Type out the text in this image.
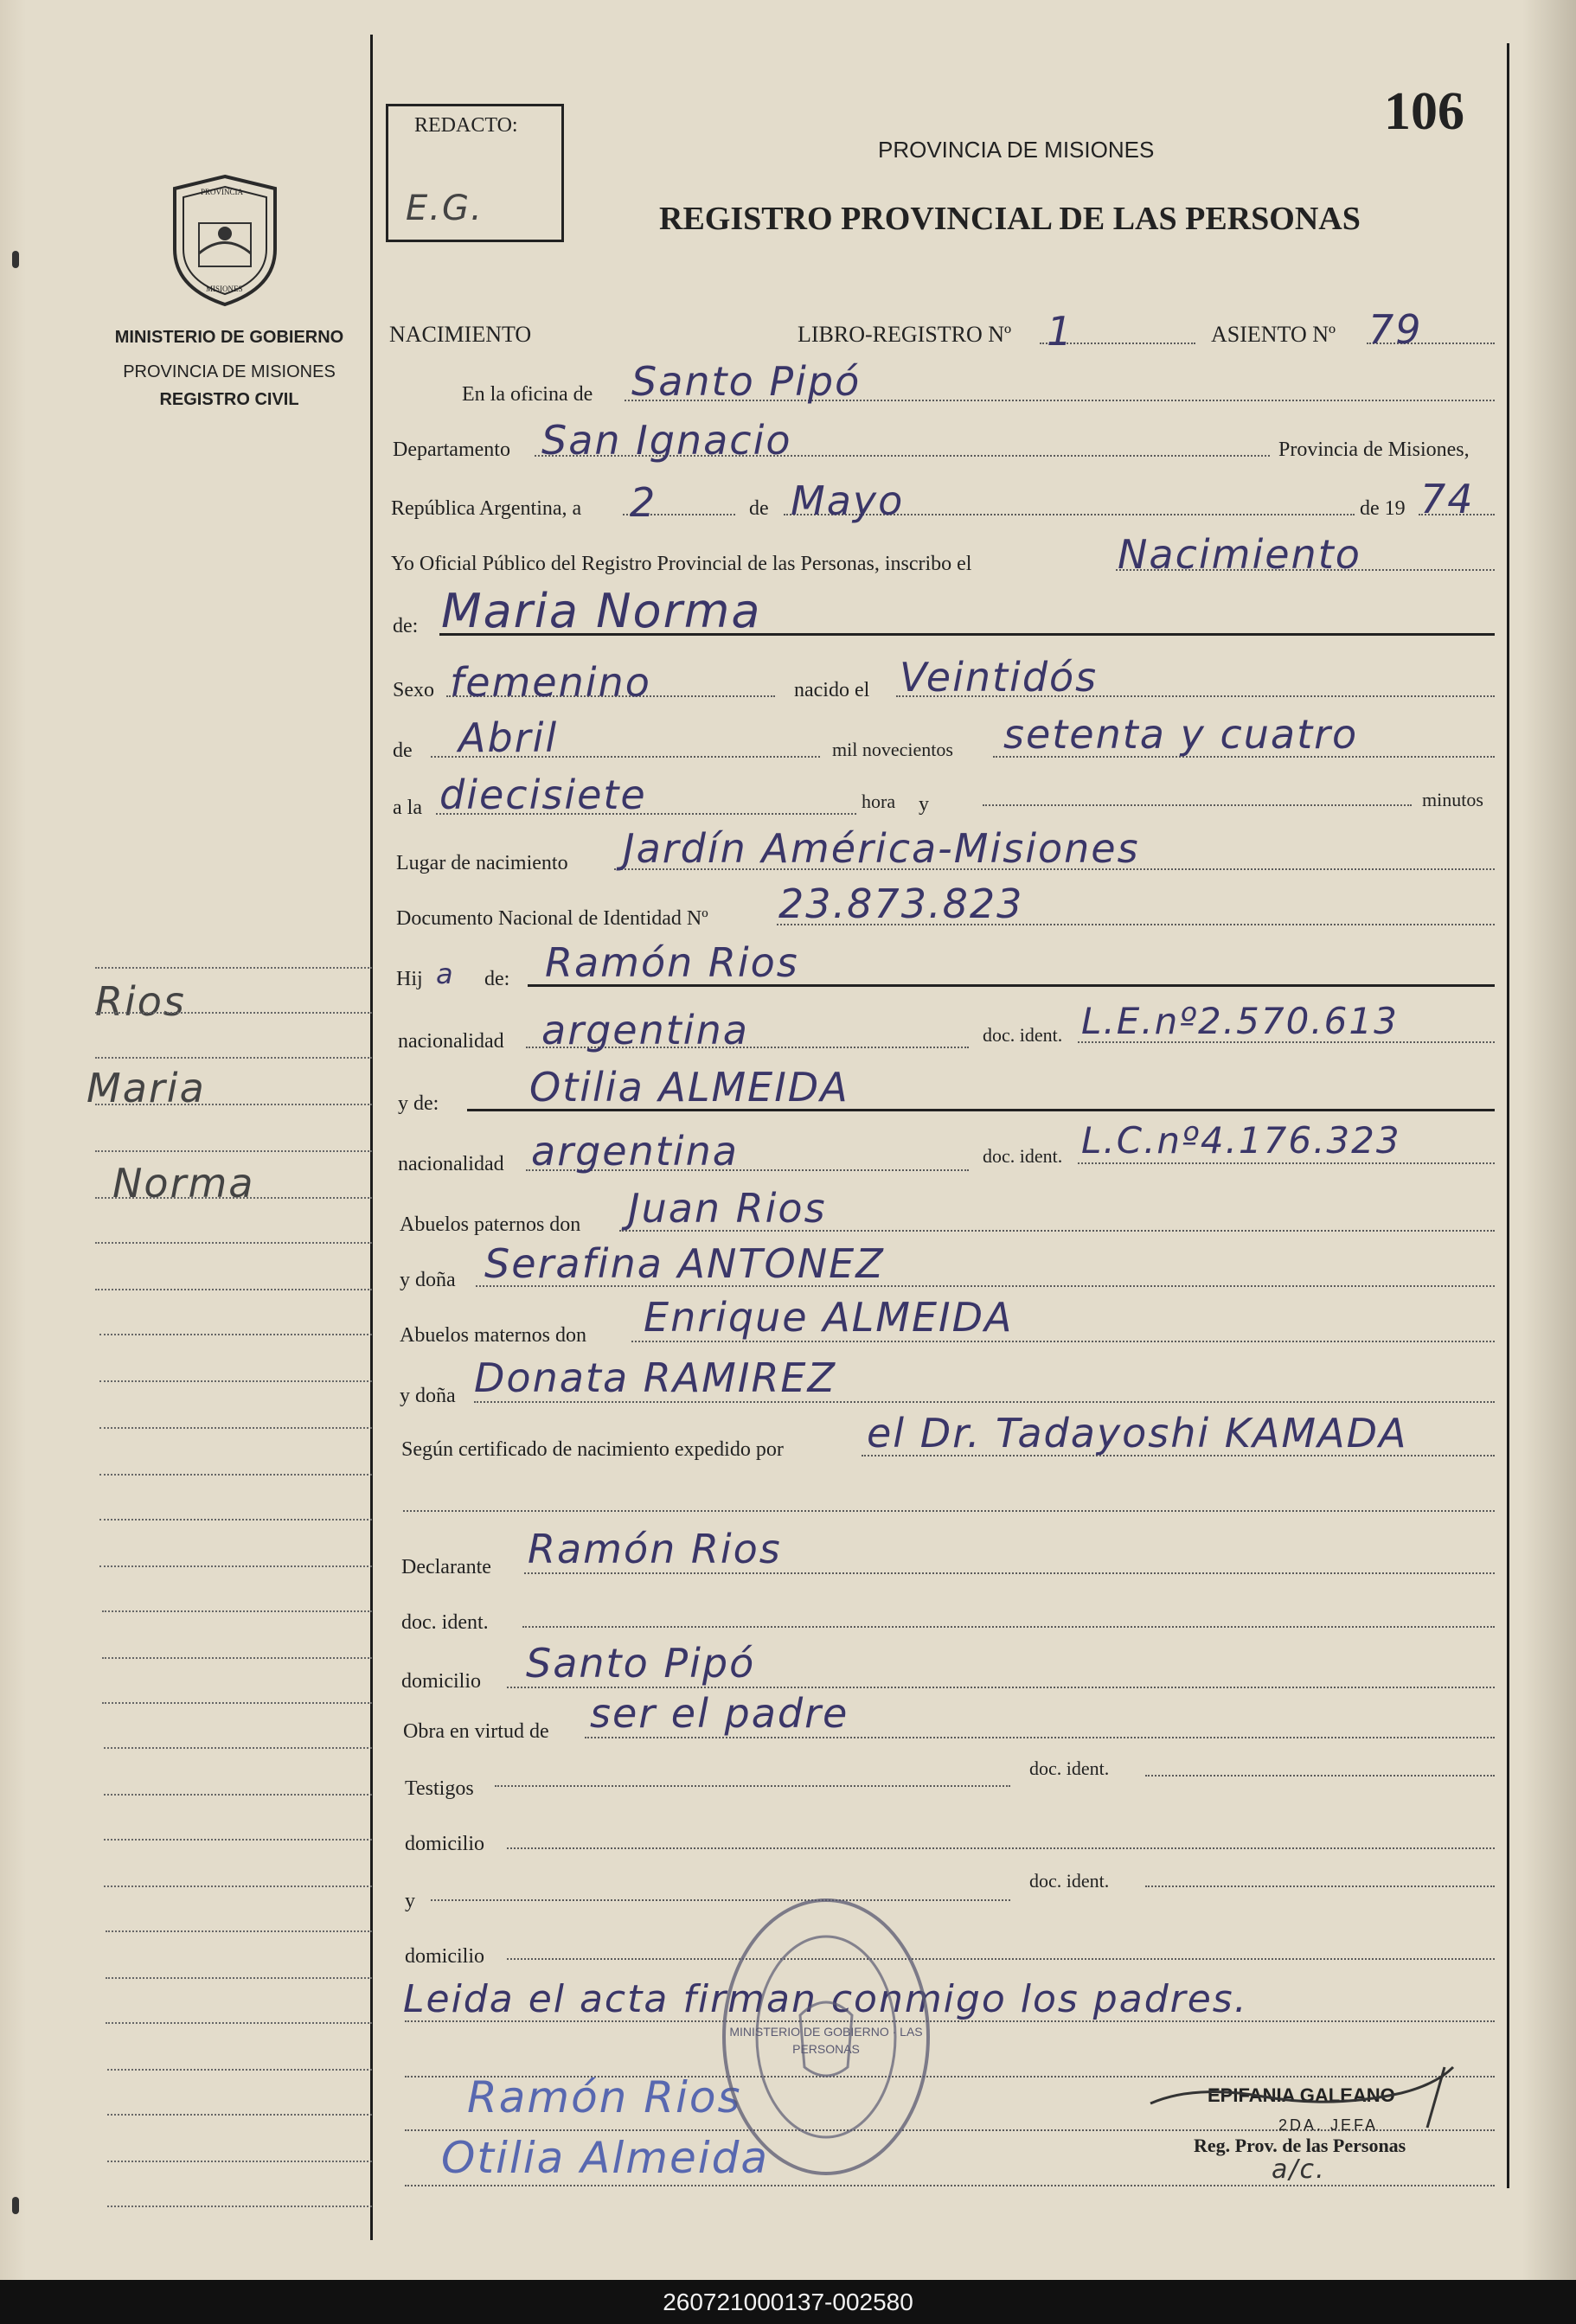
PROVINCIA
MISIONES
MINISTERIO DE GOBIERNO
PROVINCIA DE MISIONES
REGISTRO CIVIL
Rios
Maria
Norma
REDACTO:
E.G.
106
PROVINCIA DE MISIONES
REGISTRO PROVINCIAL DE LAS PERSONAS
NACIMIENTO	LIBRO-REGISTRO Nº 1	ASIENTO Nº 79
En la oficina de Santo Pipó
Departamento San Ignacio	Provincia de Misiones,
República Argentina, a 2	de Mayo	de 19 74
Yo Oficial Público del Registro Provincial de las Personas, inscribo el	Nacimiento
de: Maria Norma
Sexo femenino	nacido el Veintidós
de Abril	mil novecientos setenta y cuatro
a la diecisiete	hora y	minutos
Lugar de nacimiento Jardín América-Misiones
Documento Nacional de Identidad Nº 23.873.823
Hij a de: Ramón Rios
nacionalidad argentina	doc. ident. L.E.nº2.570.613
y de: Otilia ALMEIDA
nacionalidad argentina	doc. ident. L.C.nº4.176.323
Abuelos paternos don Juan Rios
y doña Serafina ANTONEZ
Abuelos maternos don Enrique ALMEIDA
y doña Donata RAMIREZ
Según certificado de nacimiento expedido por el Dr. Tadayoshi KAMADA
Declarante Ramón Rios
doc. ident.
domicilio Santo Pipó
Obra en virtud de ser el padre
Testigos
doc. ident.
domicilio
y
doc. ident.
domicilio
Leida el acta firman conmigo los padres.
Ramón Rios
Otilia Almeida
MINISTERIO DE GOBIERNO · LAS PERSONAS
EPIFANIA GALEANO
2DA. JEFA
Reg. Prov. de las Personas
a/c.
260721000137-002580
